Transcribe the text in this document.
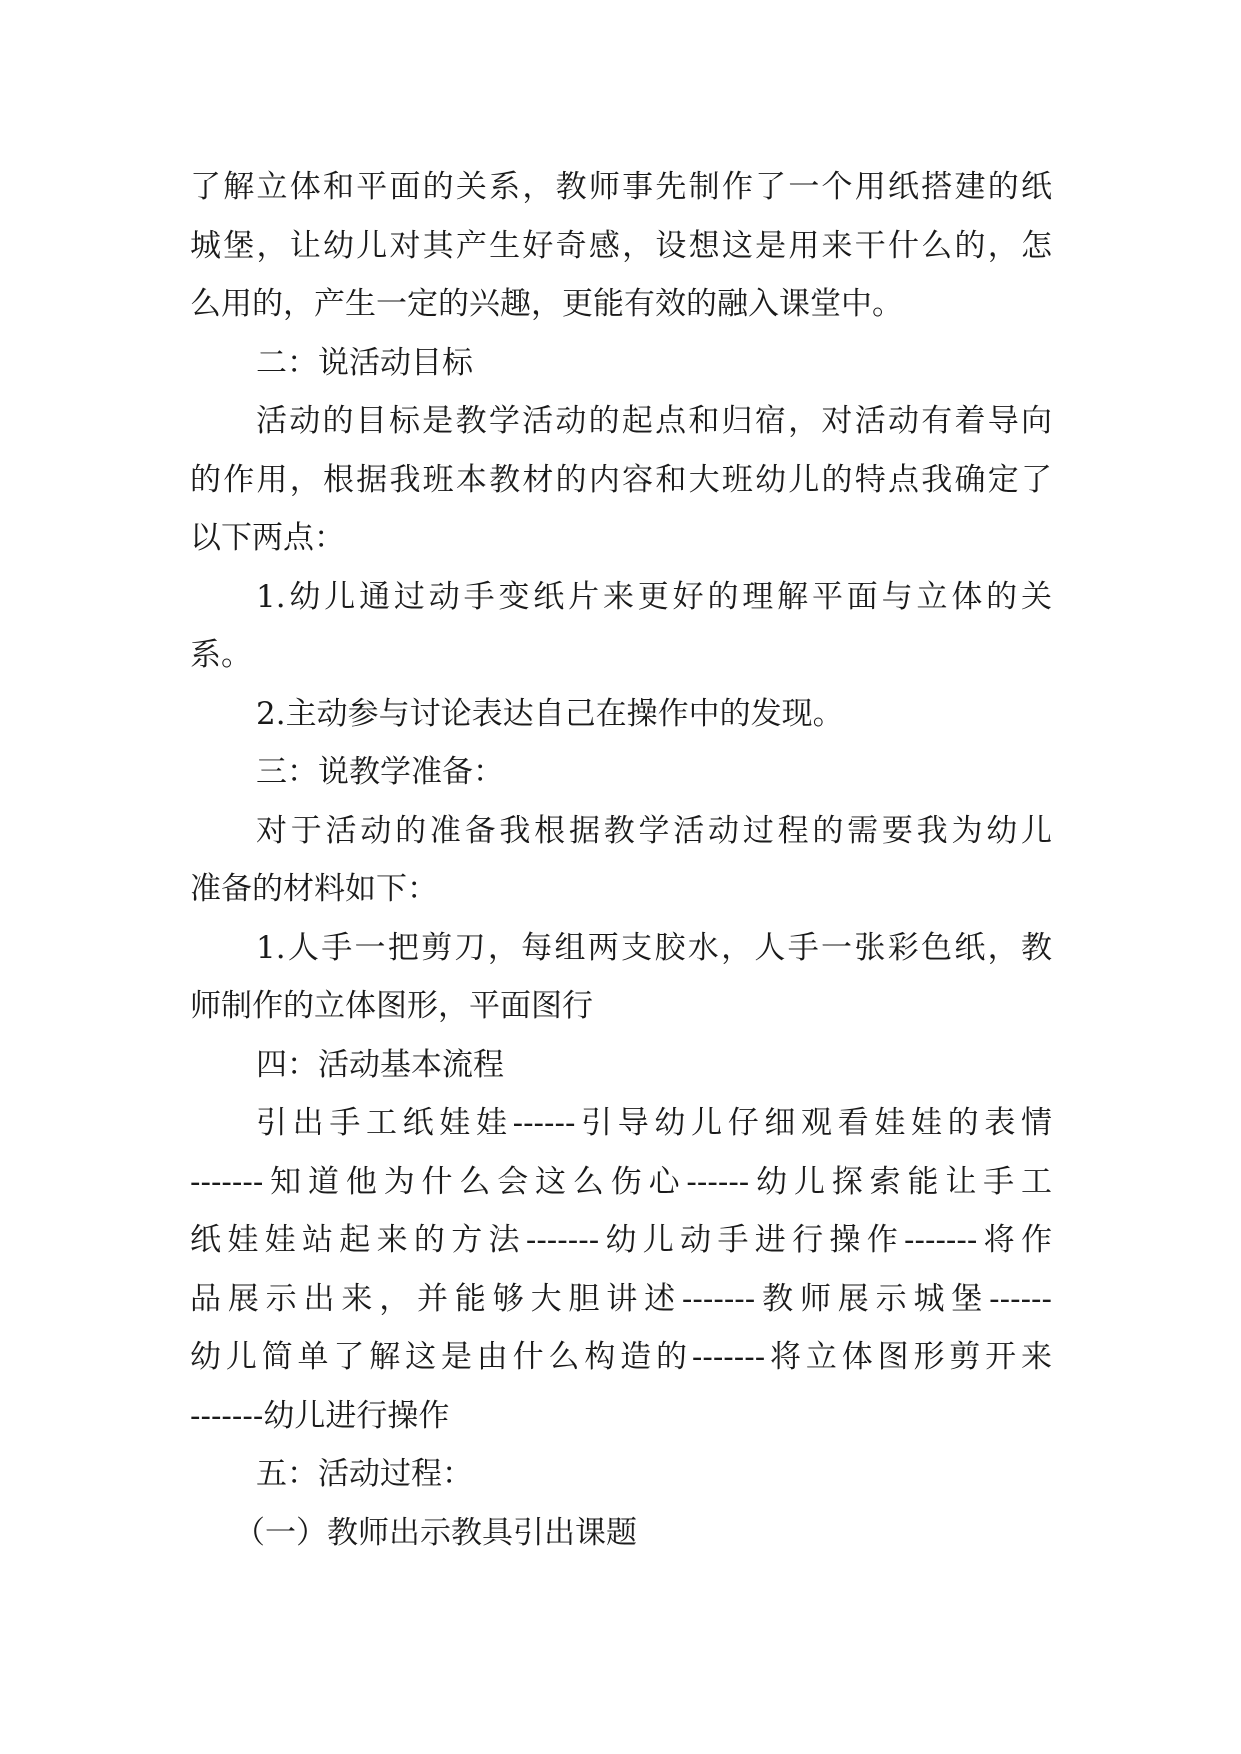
了解立体和平面的关系，教师事先制作了一个用纸搭建的纸
城堡，让幼儿对其产生好奇感，设想这是用来干什么的，怎
么用的，产生一定的兴趣，更能有效的融入课堂中。
二：说活动目标
活动的目标是教学活动的起点和归宿，对活动有着导向
的作用，根据我班本教材的内容和大班幼儿的特点我确定了
以下两点：
1.幼儿通过动手变纸片来更好的理解平面与立体的关
系。
2.主动参与讨论表达自己在操作中的发现。
三：说教学准备：
对于活动的准备我根据教学活动过程的需要我为幼儿
准备的材料如下：
1.人手一把剪刀，每组两支胶水，人手一张彩色纸，教
师制作的立体图形，平面图行
四：活动基本流程
引出手工纸娃娃------引导幼儿仔细观看娃娃的表情
-------知道他为什么会这么伤心------幼儿探索能让手工
纸娃娃站起来的方法-------幼儿动手进行操作-------将作
品展示出来，并能够大胆讲述-------教师展示城堡------
幼儿简单了解这是由什么构造的-------将立体图形剪开来
-------幼儿进行操作
五：活动过程：
（一）教师出示教具引出课题
